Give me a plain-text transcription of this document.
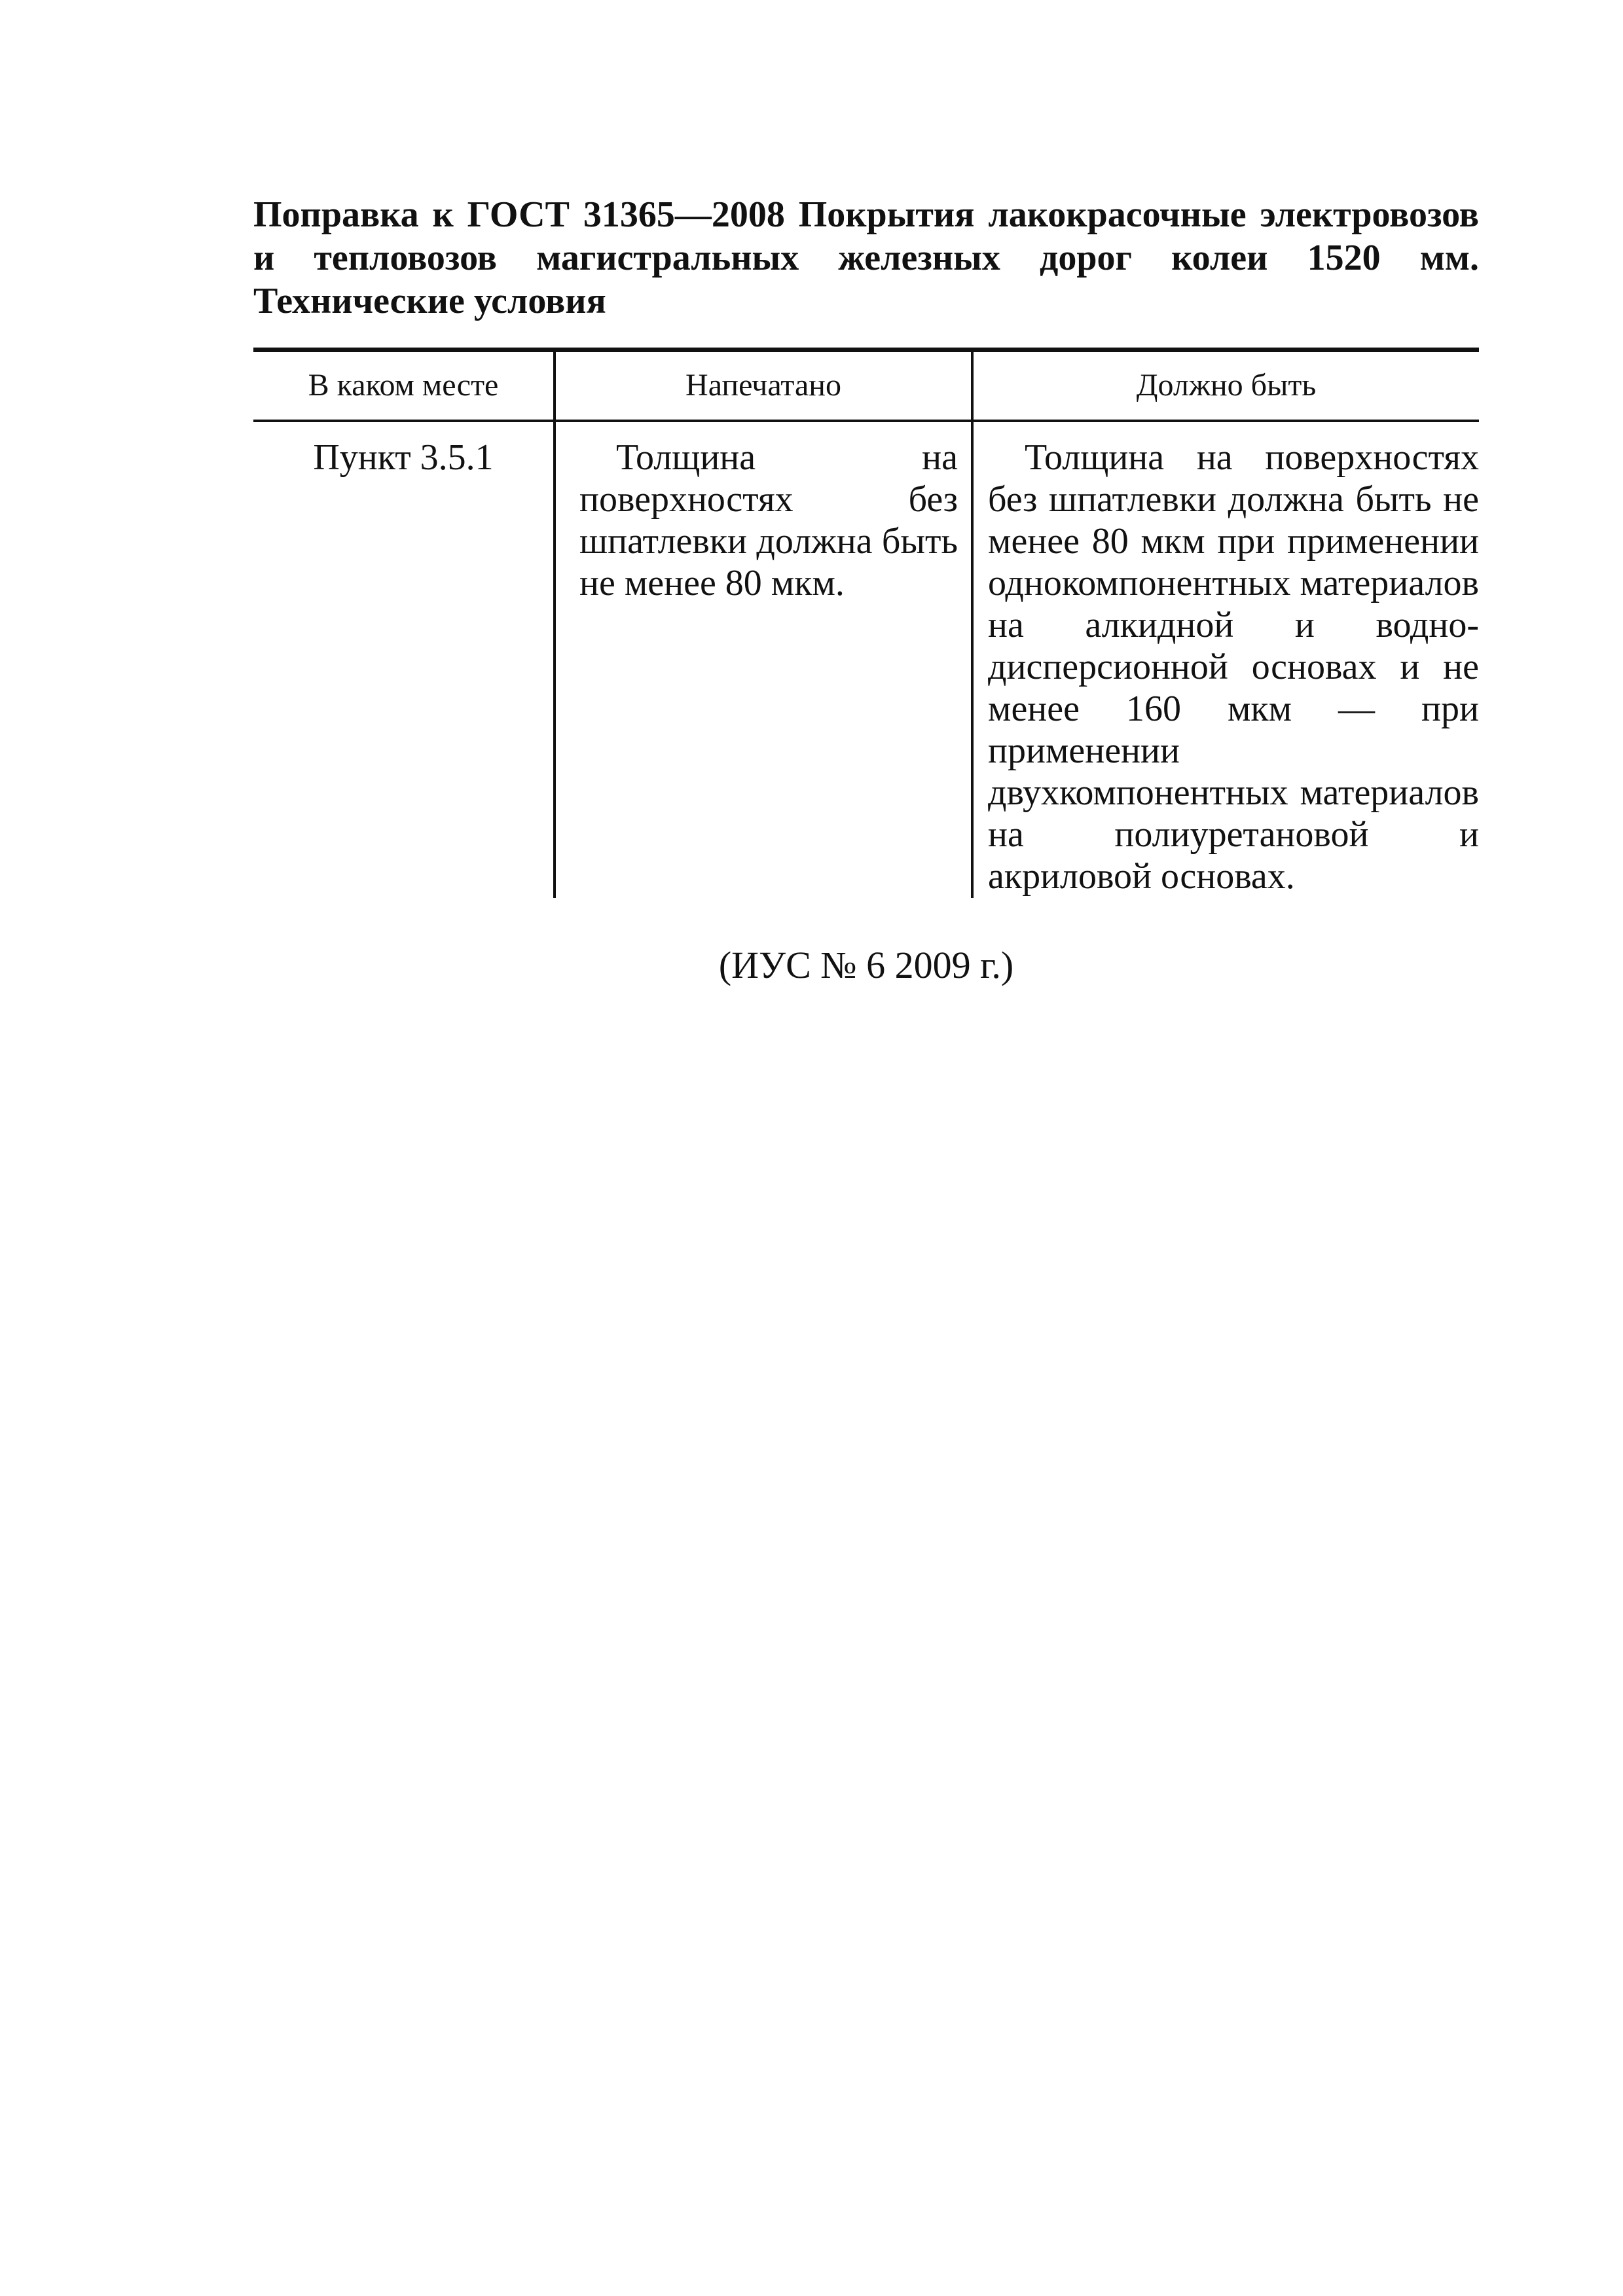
Поправка к ГОСТ 31365—2008 Покрытия лакокрасочные электровозов и тепловозов магистральных железных дорог колеи 1520 мм. Технические условия
В каком месте	Напечатано	Должно быть
Пункт 3.5.1	Толщина на поверхностях без шпатлевки должна быть не менее 80 мкм.	Толщина на поверхностях без шпатлевки должна быть не менее 80 мкм при применении однокомпонентных материалов на алкидной и водно-дисперсионной основах и не менее 160 мкм — при применении двухкомпонентных материалов на полиуретановой и акриловой основах.

(ИУС № 6 2009 г.)
